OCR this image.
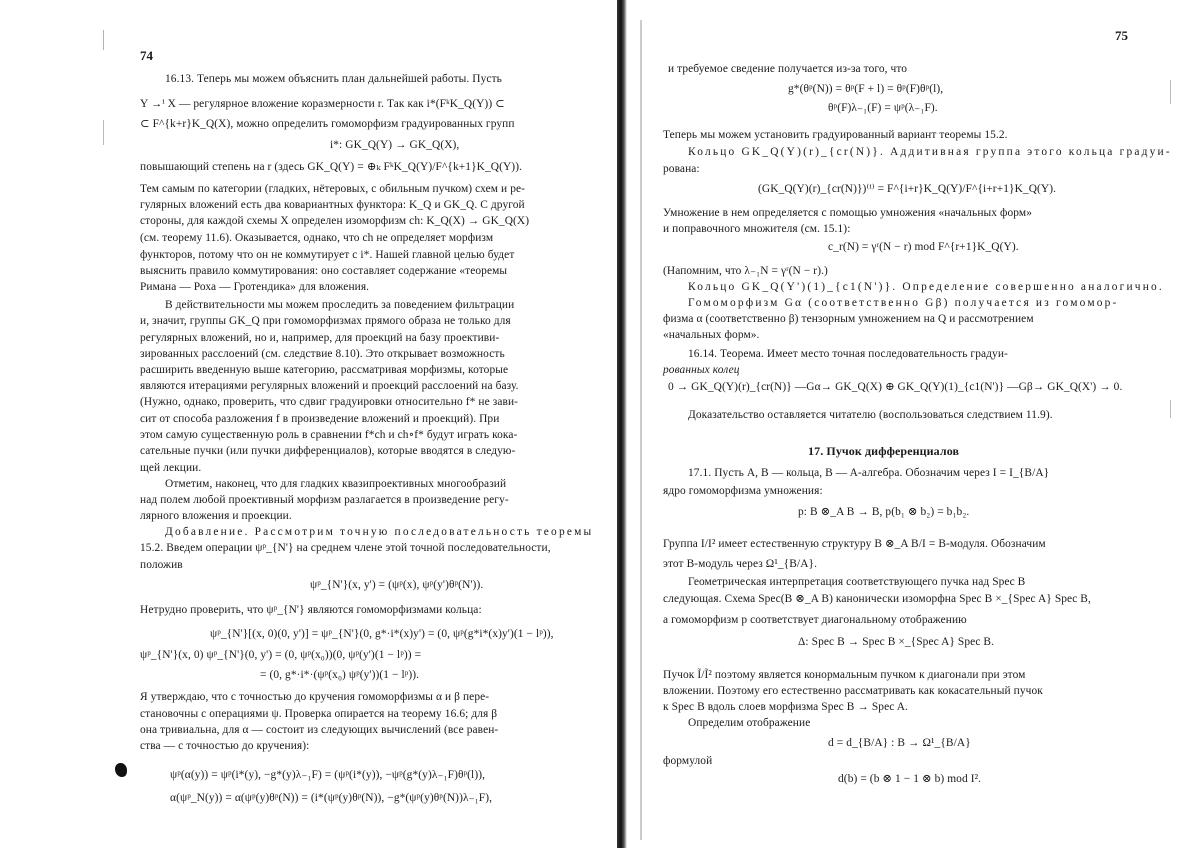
74
16.13. Теперь мы можем объяснить план дальнейшей работы. Пусть
Y →ⁱ X — регулярное вложение коразмерности r. Так как i*(FᵏK_Q(Y)) ⊂
⊂ F^{k+r}K_Q(X), можно определить гомоморфизм градуированных групп
i*: GK_Q(Y) → GK_Q(X),
повышающий степень на r (здесь GK_Q(Y) = ⊕ₖ FᵏK_Q(Y)/F^{k+1}K_Q(Y)).
Тем самым по категории (гладких, нётеровых, с обильным пучком) схем и ре-
гулярных вложений есть два ковариантных функтора: K_Q и GK_Q. С другой
стороны, для каждой схемы X определен изоморфизм ch: K_Q(X) → GK_Q(X)
(см. теорему 11.6). Оказывается, однако, что ch не определяет морфизм
функторов, потому что он не коммутирует с i*. Нашей главной целью будет
выяснить правило коммутирования: оно составляет содержание «теоремы
Римана — Роха — Гротендика» для вложения.
В действительности мы можем проследить за поведением фильтрации
и, значит, группы GK_Q при гомоморфизмах прямого образа не только для
регулярных вложений, но и, например, для проекций на базу проективи-
зированных расслоений (см. следствие 8.10). Это открывает возможность
расширить введенную выше категорию, рассматривая морфизмы, которые
являются итерациями регулярных вложений и проекций расслоений на базу.
(Нужно, однако, проверить, что сдвиг градуировки относительно f* не зави-
сит от способа разложения f в произведение вложений и проекций). При
этом самую существенную роль в сравнении f*ch и ch∘f* будут играть кока-
сательные пучки (или пучки дифференциалов), которые вводятся в следую-
щей лекции.
Отметим, наконец, что для гладких квазипроективных многообразий
над полем любой проективный морфизм разлагается в произведение регу-
лярного вложения и проекции.
Добавление. Рассмотрим точную последовательность теоремы
15.2. Введем операции ψᵖ_{N'} на среднем члене этой точной последовательности,
положив
ψᵖ_{N'}(x, y') = (ψᵖ(x), ψᵖ(y')θᵖ(N')).
Нетрудно проверить, что ψᵖ_{N'} являются гомоморфизмами кольца:
ψᵖ_{N'}[(x, 0)(0, y')] = ψᵖ_{N'}(0, g*·i*(x)y') = (0, ψᵖ(g*i*(x)y')(1 − lᵖ)),
ψᵖ_{N'}(x, 0) ψᵖ_{N'}(0, y') = (0, ψᵖ(x₀))(0, ψᵖ(y')(1 − lᵖ)) =
= (0, g*·i*·(ψᵖ(x₀) ψᵖ(y'))(1 − lᵖ)).
Я утверждаю, что с точностью до кручения гомоморфизмы α и β пере-
становочны с операциями ψ. Проверка опирается на теорему 16.6; для β
она тривиальна, для α — состоит из следующих вычислений (все равен-
ства — с точностью до кручения):
ψᵖ(α(y)) = ψᵖ(i*(y), −g*(y)λ₋₁F) = (ψᵖ(i*(y)), −ψᵖ(g*(y)λ₋₁F)θᵖ(l)),
α(ψᵖ_N(y)) = α(ψᵖ(y)θᵖ(N)) = (i*(ψᵖ(y)θᵖ(N)), −g*(ψᵖ(y)θᵖ(N))λ₋₁F),
75
и требуемое сведение получается из-за того, что
g*(θᵖ(N)) = θᵖ(F + l) = θᵖ(F)θᵖ(l),
θᵖ(F)λ₋₁(F) = ψᵖ(λ₋₁F).
Теперь мы можем установить градуированный вариант теоремы 15.2.
Кольцо GK_Q(Y)(r)_{cr(N)}. Аддитивная группа этого кольца градуи-
рована:
(GK_Q(Y)(r)_{cr(N)})⁽ⁱ⁾ = F^{i+r}K_Q(Y)/F^{i+r+1}K_Q(Y).
Умножение в нем определяется с помощью умножения «начальных форм»
и поправочного множителя (см. 15.1):
c_r(N) = γʳ(N − r) mod F^{r+1}K_Q(Y).
(Напомним, что λ₋₁N = γʳ(N − r).)
Кольцо GK_Q(Y')(1)_{c1(N')}. Определение совершенно аналогично.
Гомоморфизм Gα (соответственно Gβ) получается из гомомор-
физма α (соответственно β) тензорным умножением на Q и рассмотрением
«начальных форм».
16.14. Теорема. Имеет место точная последовательность градуи-
рованных колец
0 → GK_Q(Y)(r)_{cr(N)} —Gα→ GK_Q(X) ⊕ GK_Q(Y)(1)_{c1(N')} —Gβ→ GK_Q(X') → 0.
Доказательство оставляется читателю (воспользоваться следствием 11.9).
17. Пучок дифференциалов
17.1. Пусть A, B — кольца, B — A-алгебра. Обозначим через I = I_{B/A}
ядро гомоморфизма умножения:
p: B ⊗_A B → B, p(b₁ ⊗ b₂) = b₁b₂.
Группа I/I² имеет естественную структуру B ⊗_A B/I = B-модуля. Обозначим
этот B-модуль через Ω¹_{B/A}.
Геометрическая интерпретация соответствующего пучка над Spec B
следующая. Схема Spec(B ⊗_A B) канонически изоморфна Spec B ×_{Spec A} Spec B,
а гомоморфизм p соответствует диагональному отображению
Δ: Spec B → Spec B ×_{Spec A} Spec B.
Пучок Ĩ/Ĩ² поэтому является конормальным пучком к диагонали при этом
вложении. Поэтому его естественно рассматривать как кокасательный пучок
к Spec B вдоль слоев морфизма Spec B → Spec A.
Определим отображение
d = d_{B/A} : B → Ω¹_{B/A}
формулой
d(b) = (b ⊗ 1 − 1 ⊗ b) mod I².
